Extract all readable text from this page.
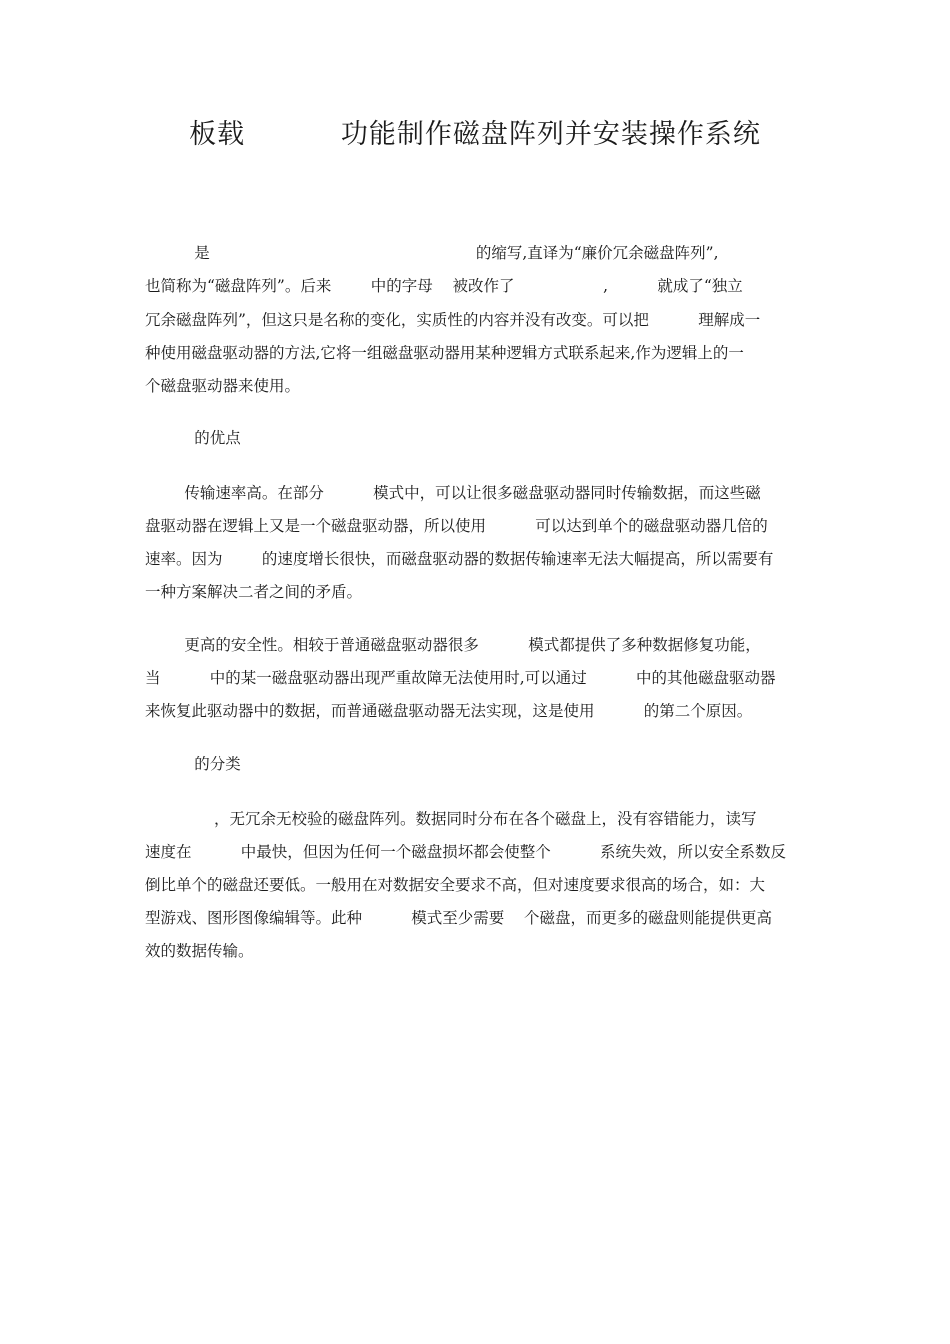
板载          功能制作磁盘阵列并安装操作系统
是                                                      的缩写,直译为“廉价冗余磁盘阵列”,
也简称为“磁盘阵列”。后来        中的字母    被改作了                  ,          就成了“独立
冗余磁盘阵列”，但这只是名称的变化，实质性的内容并没有改变。可以把          理解成一
种使用磁盘驱动器的方法,它将一组磁盘驱动器用某种逻辑方式联系起来,作为逻辑上的一
个磁盘驱动器来使用。
的优点
传输速率高。在部分          模式中，可以让很多磁盘驱动器同时传输数据，而这些磁
盘驱动器在逻辑上又是一个磁盘驱动器，所以使用          可以达到单个的磁盘驱动器几倍的
速率。因为        的速度增长很快，而磁盘驱动器的数据传输速率无法大幅提高，所以需要有
一种方案解决二者之间的矛盾。
更高的安全性。相较于普通磁盘驱动器很多          模式都提供了多种数据修复功能，
当          中的某一磁盘驱动器出现严重故障无法使用时,可以通过          中的其他磁盘驱动器
来恢复此驱动器中的数据，而普通磁盘驱动器无法实现，这是使用          的第二个原因。
的分类
，无冗余无校验的磁盘阵列。数据同时分布在各个磁盘上，没有容错能力，读写
速度在          中最快，但因为任何一个磁盘损坏都会使整个          系统失效，所以安全系数反
倒比单个的磁盘还要低。一般用在对数据安全要求不高，但对速度要求很高的场合，如：大
型游戏、图形图像编辑等。此种          模式至少需要    个磁盘，而更多的磁盘则能提供更高
效的数据传输。
